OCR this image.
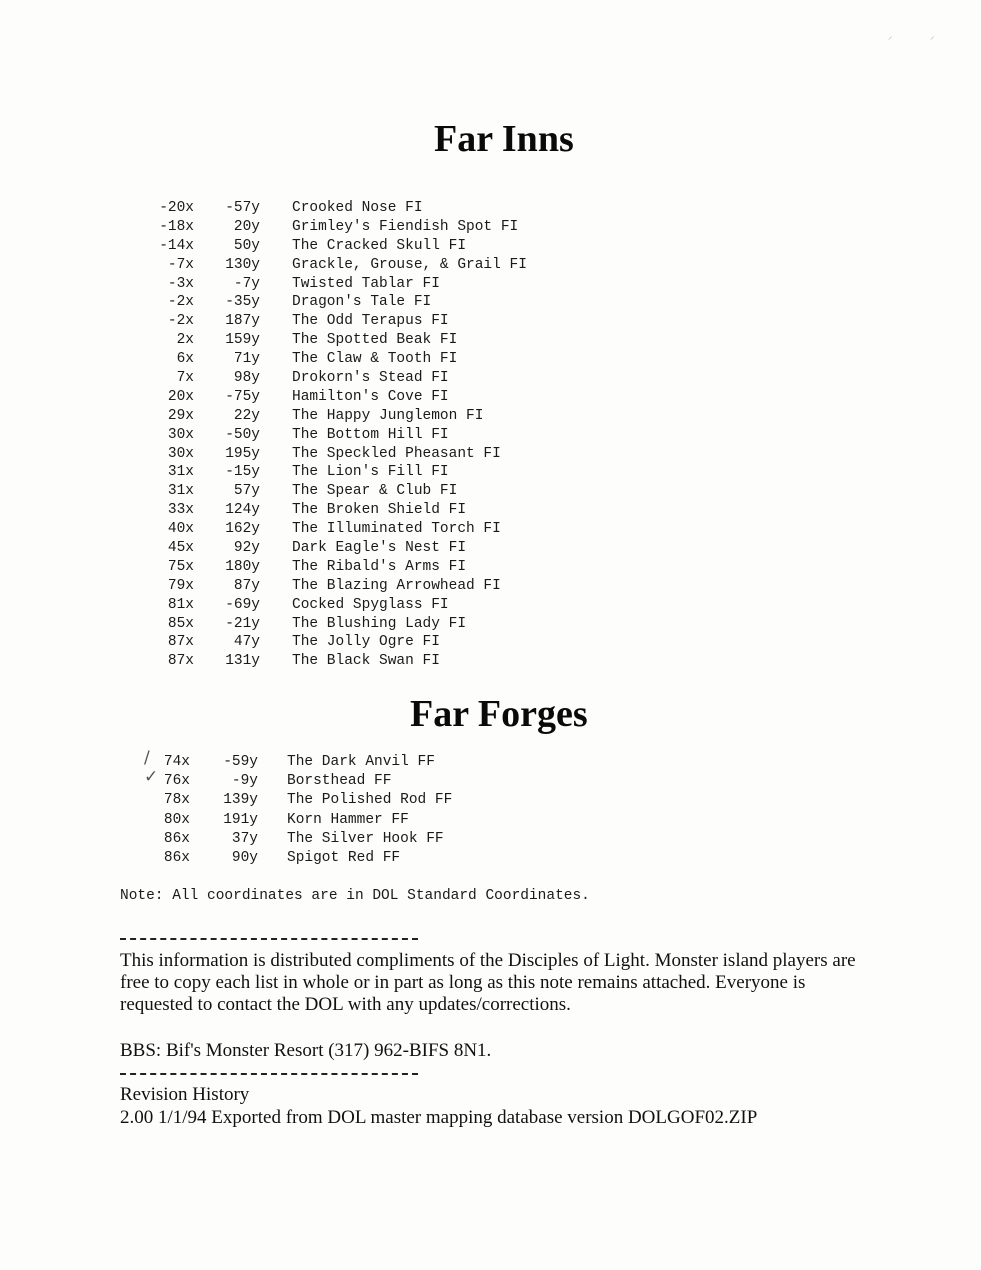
⸝	⸝
Far Inns
-20x	-57y Crooked Nose FI
-18x	20y Grimley's Fiendish Spot FI
-14x	50y The Cracked Skull FI
-7x	130y Grackle, Grouse, & Grail FI
-3x	-7y Twisted Tablar FI
-2x	-35y Dragon's Tale FI
-2x	187y The Odd Terapus FI
2x	159y The Spotted Beak FI
6x	71y The Claw & Tooth FI
7x	98y Drokorn's Stead FI
20x	-75y Hamilton's Cove FI
29x	22y The Happy Junglemon FI
30x	-50y The Bottom Hill FI
30x	195y The Speckled Pheasant FI
31x	-15y The Lion's Fill FI
31x	57y The Spear & Club FI
33x	124y The Broken Shield FI
40x	162y The Illuminated Torch FI
45x	92y Dark Eagle's Nest FI
75x	180y The Ribald's Arms FI
79x	87y The Blazing Arrowhead FI
81x	-69y Cocked Spyglass FI
85x	-21y The Blushing Lady FI
87x	47y The Jolly Ogre FI
87x	131y The Black Swan FI
Far Forges
/ 74x	-59y The Dark Anvil FF
✓ 76x	-9y Borsthead FF
78x	139y The Polished Rod FF
80x	191y Korn Hammer FF
86x	37y The Silver Hook FF
86x	90y Spigot Red FF

Note: All coordinates are in DOL Standard Coordinates.

This information is distributed compliments of the Disciples of Light. Monster island players are free to copy each list in whole or in part as long as this note remains attached. Everyone is requested to contact the DOL with any updates/corrections.

BBS: Bif's Monster Resort (317) 962-BIFS 8N1.

Revision History

2.00 1/1/94 Exported from DOL master mapping database version DOLGOF02.ZIP
